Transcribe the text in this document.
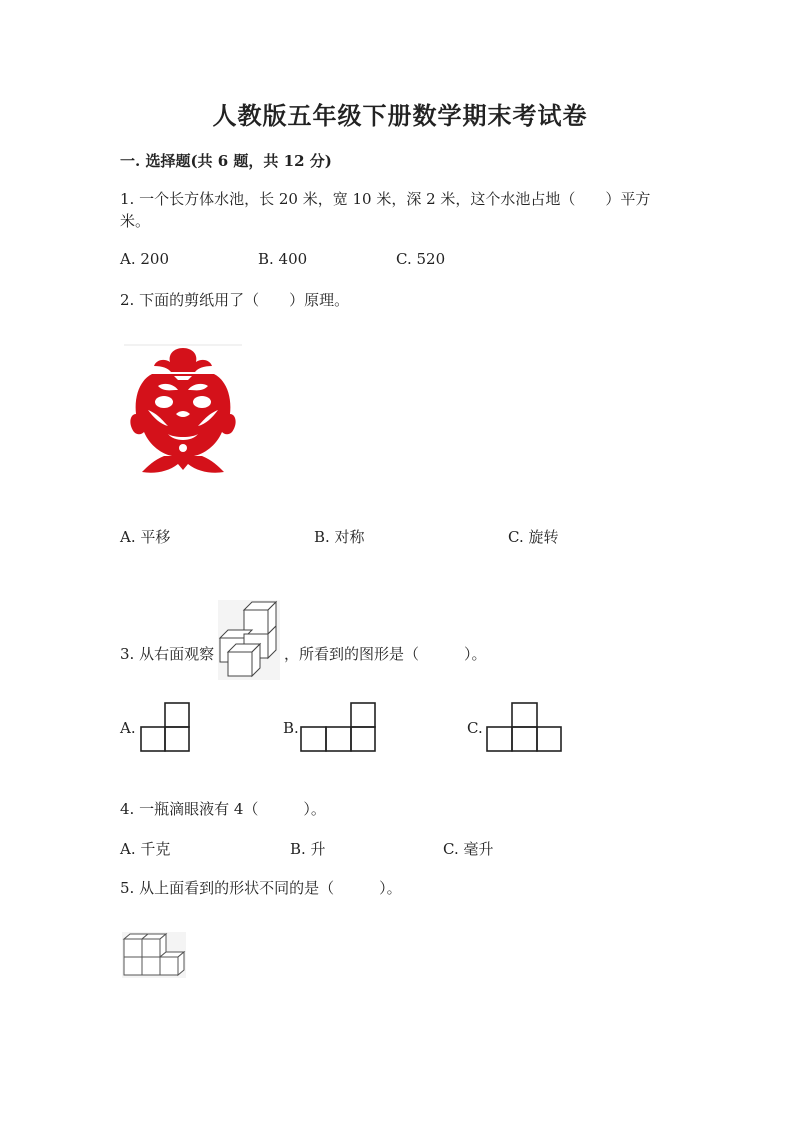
人教版五年级下册数学期末考试卷
一. 选择题(共 6 题，共 12 分)
1. 一个长方体水池，长 20 米，宽 10 米，深 2 米，这个水池占地（　　）平方
米。
A. 200	B. 400	C. 520
2. 下面的剪纸用了（　　）原理。
A. 平移	B. 对称	C. 旋转
3. 从右面观察	，所看到的图形是（　　　）。
A.	B.	C.
4. 一瓶滴眼液有 4（　　　）。
A. 千克	B. 升	C. 毫升
5. 从上面看到的形状不同的是（　　　）。
